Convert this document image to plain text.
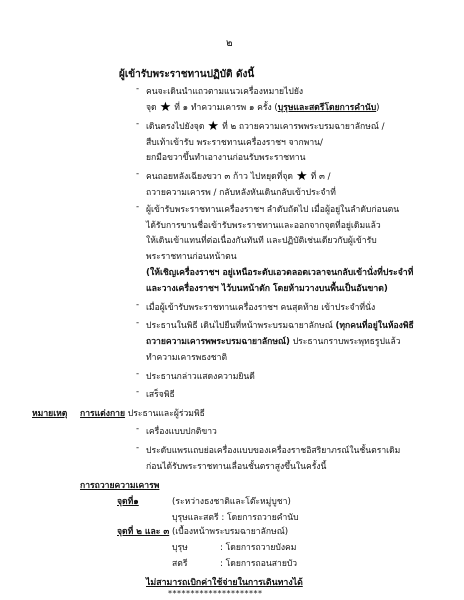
๒
ผู้เข้ารับพระราชทานปฏิบัติ ดังนี้
- คนจะเดินนำแถวตามแนวเครื่องหมายไปยัง
จุด ★ ที่ ๑ ทำความเคารพ ๑ ครั้ง (บุรุษและสตรีโดยการคำนับ)
- เดินตรงไปยังจุด ★ ที่ ๒ ถวายความเคารพพระบรมฉายาลักษณ์ /
สืบเท้าเข้ารับ พระราชทานเครื่องราชฯ จากพาน/
ยกมือขวาขึ้นทำเอางานก่อนรับพระราชทาน
- คนถอยหลังเฉียงขวา ๓ ก้าว ไปหยุดที่จุด ★ ที่ ๓ /
ถวายความเคารพ / กลับหลังหันเดินกลับเข้าประจำที่
- ผู้เข้ารับพระราชทานเครื่องราชฯ ลำดับถัดไป เมื่อผู้อยู่ในลำดับก่อนตน
ได้รับการขานชื่อเข้ารับพระราชทานและออกจากจุดที่อยู่เดิมแล้ว
ให้เดินเข้าแทนที่ต่อเนื่องกันทันที และปฏิบัติเช่นเดียวกับผู้เข้ารับ
พระราชทานก่อนหน้าตน
(ให้เชิญเครื่องราชฯ อยู่เหนือระดับเอวตลอดเวลาจนกลับเข้านั่งที่ประจำที่
และวางเครื่องราชฯ ไว้บนหน้าตัก โดยห้ามวางบนพื้นเป็นอันขาด)
- เมื่อผู้เข้ารับพระราชทานเครื่องราชฯ คนสุดท้าย เข้าประจำที่นั่ง
- ประธานในพิธี เดินไปยืนที่หน้าพระบรมฉายาลักษณ์ (ทุกคนที่อยู่ในห้องพิธี
ถวายความเคารพพระบรมฉายาลักษณ์) ประธานกราบพระพุทธรูปแล้ว
ทำความเคารพธงชาติ
- ประธานกล่าวแสดงความยินดี
- เสร็จพิธี
หมายเหตุ การแต่งกาย ประธานและผู้ร่วมพิธี
- เครื่องแบบปกติขาว
- ประดับแพรแถบย่อเครื่องแบบของเครื่องราชอิสริยาภรณ์ในชั้นตราเดิม
ก่อนได้รับพระราชทานเลื่อนชั้นตราสูงขึ้นในครั้งนี้
การถวายความเคารพ
จุดที่๑	(ระหว่างธงชาติและโต๊ะหมู่บูชา)
บุรุษและสตรี : โดยการถวายคำนับ
จุดที่ ๒ และ ๓ (เบื้องหน้าพระบรมฉายาลักษณ์)
บุรุษ	: โดยการถวายบังคม
สตรี	: โดยการถอนสายบัว
ไม่สามารถเบิกค่าใช้จ่ายในการเดินทางได้
*********************
